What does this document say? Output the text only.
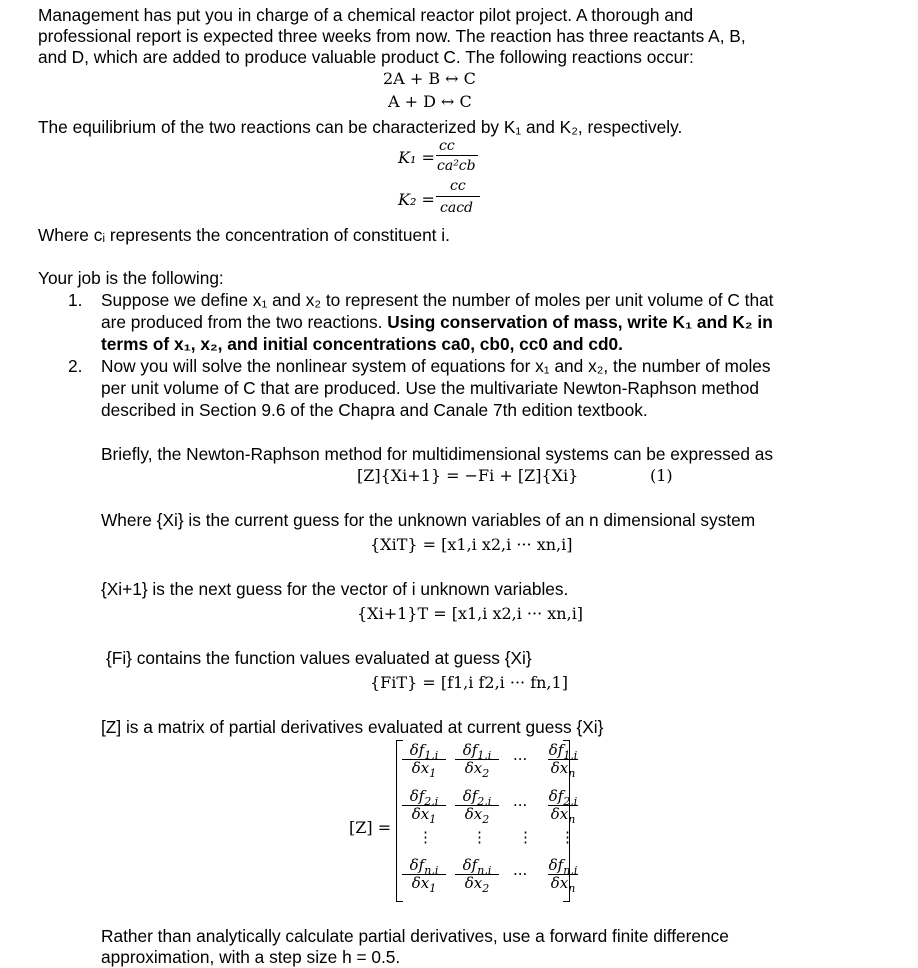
Management has put you in charge of a chemical reactor pilot project. A thorough and
professional report is expected three weeks from now. The reaction has three reactants A, B,
and D, which are added to produce valuable product C. The following reactions occur:
2A + B ↔ C
A + D ↔ C
The equilibrium of the two reactions can be characterized by K₁ and K₂, respectively.
K₁ =
cc
ca²cb
K₂ =
cc
cacd
Where cᵢ represents the concentration of constituent i.
Your job is the following:
1. Suppose we define x₁ and x₂ to represent the number of moles per unit volume of C that
are produced from the two reactions. Using conservation of mass, write K₁ and K₂ in
terms of x₁, x₂, and initial concentrations ca0, cb0, cc0 and cd0.
2. Now you will solve the nonlinear system of equations for x₁ and x₂, the number of moles
per unit volume of C that are produced. Use the multivariate Newton-Raphson method
described in Section 9.6 of the Chapra and Canale 7th edition textbook.
Briefly, the Newton-Raphson method for multidimensional systems can be expressed as
[Z]{Xi+1} = −Fi + [Z]{Xi}	(1)
Where {Xi} is the current guess for the unknown variables of an n dimensional system
{XiT} = [x1,i x2,i ··· xn,i]
{Xi+1} is the next guess for the vector of i unknown variables.
{Xi+1}T = [x1,i x2,i ··· xn,i]
{Fi} contains the function values evaluated at guess {Xi}
{FiT} = [f1,i f2,i ··· fn,1]
[Z] is a matrix of partial derivatives evaluated at current guess {Xi}
[Z] =
$\frac{\delta f_{1,i}}{\delta x_1} \frac{\delta f_{1,i}}{\delta x_2}$ ··· $\delta f_{1,i}$
$\delta x_n$
$\frac{\delta f_{2,i}}{\delta x_1} \frac{\delta f_{2,i}}{\delta x_2}$ ··· $\delta f_{2,i}$
$\delta x_n$
⋮	⋮ ⋮ ⋮
$\delta f_{n,i}$
$\delta x_1$
$\delta f_{n,i}$
$\delta x_2$
··· $\delta f_{n,i}$
$\delta x_n$
Rather than analytically calculate partial derivatives, use a forward finite difference
approximation, with a step size h = 0.5.
